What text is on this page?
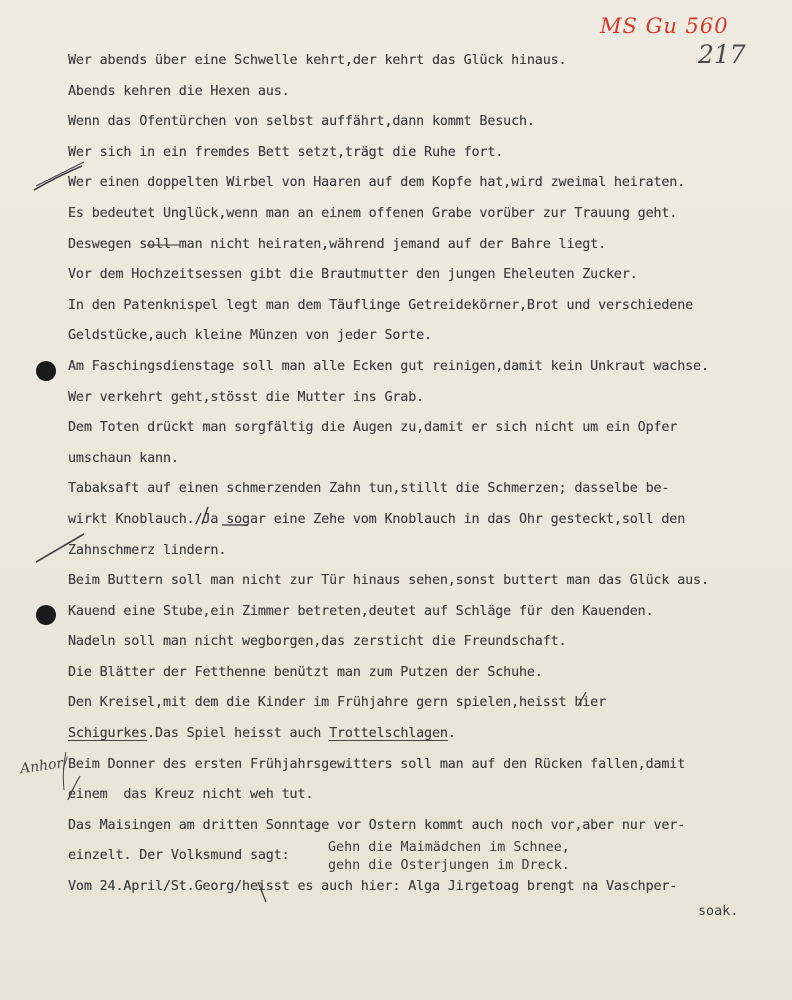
MS Gu 560
217
Wer abends über eine Schwelle kehrt,der kehrt das Glück hinaus.
Abends kehren die Hexen aus.
Wenn das Ofentürchen von selbst auffährt,dann kommt Besuch.
Wer sich in ein fremdes Bett setzt,trägt die Ruhe fort.
Wer einen doppelten Wirbel von Haaren auf dem Kopfe hat,wird zweimal heiraten.
Es bedeutet Unglück,wenn man an einem offenen Grabe vorüber zur Trauung geht.
Deswegen soll man nicht heiraten,während jemand auf der Bahre liegt.
Vor dem Hochzeitsessen gibt die Brautmutter den jungen Eheleuten Zucker.
In den Patenknispel legt man dem Täuflinge Getreidekörner,Brot und verschiedene
Geldstücke,auch kleine Münzen von jeder Sorte.
Am Faschingsdienstage soll man alle Ecken gut reinigen,damit kein Unkraut wachse.
Wer verkehrt geht,stösst die Mutter ins Grab.
Dem Toten drückt man sorgfältig die Augen zu,damit er sich nicht um ein Opfer
umschaun kann.
Tabaksaft auf einen schmerzenden Zahn tun,stillt die Schmerzen; dasselbe be-
wirkt Knoblauch./Ja sogar eine Zehe vom Knoblauch in das Ohr gesteckt,soll den
Zahnschmerz lindern.
Beim Buttern soll man nicht zur Tür hinaus sehen,sonst buttert man das Glück aus.
Kauend eine Stube,ein Zimmer betreten,deutet auf Schläge für den Kauenden.
Nadeln soll man nicht wegborgen,das zersticht die Freundschaft.
Die Blätter der Fetthenne benützt man zum Putzen der Schuhe.
Den Kreisel,mit dem die Kinder im Frühjahre gern spielen,heisst hier
Schigurkes.Das Spiel heisst auch Trottelschlagen.
Beim Donner des ersten Frühjahrsgewitters soll man auf den Rücken fallen,damit
einem  das Kreuz nicht weh tut.
Das Maisingen am dritten Sonntage vor Ostern kommt auch noch vor,aber nur ver-
einzelt. Der Volksmund sagt:
Vom 24.April/St.Georg/heisst es auch hier: Alga Jirgetoag brengt na Vaschper-
Gehn die Maimädchen im Schnee,
gehn die Osterjungen im Dreck.
soak.
Anhor/
